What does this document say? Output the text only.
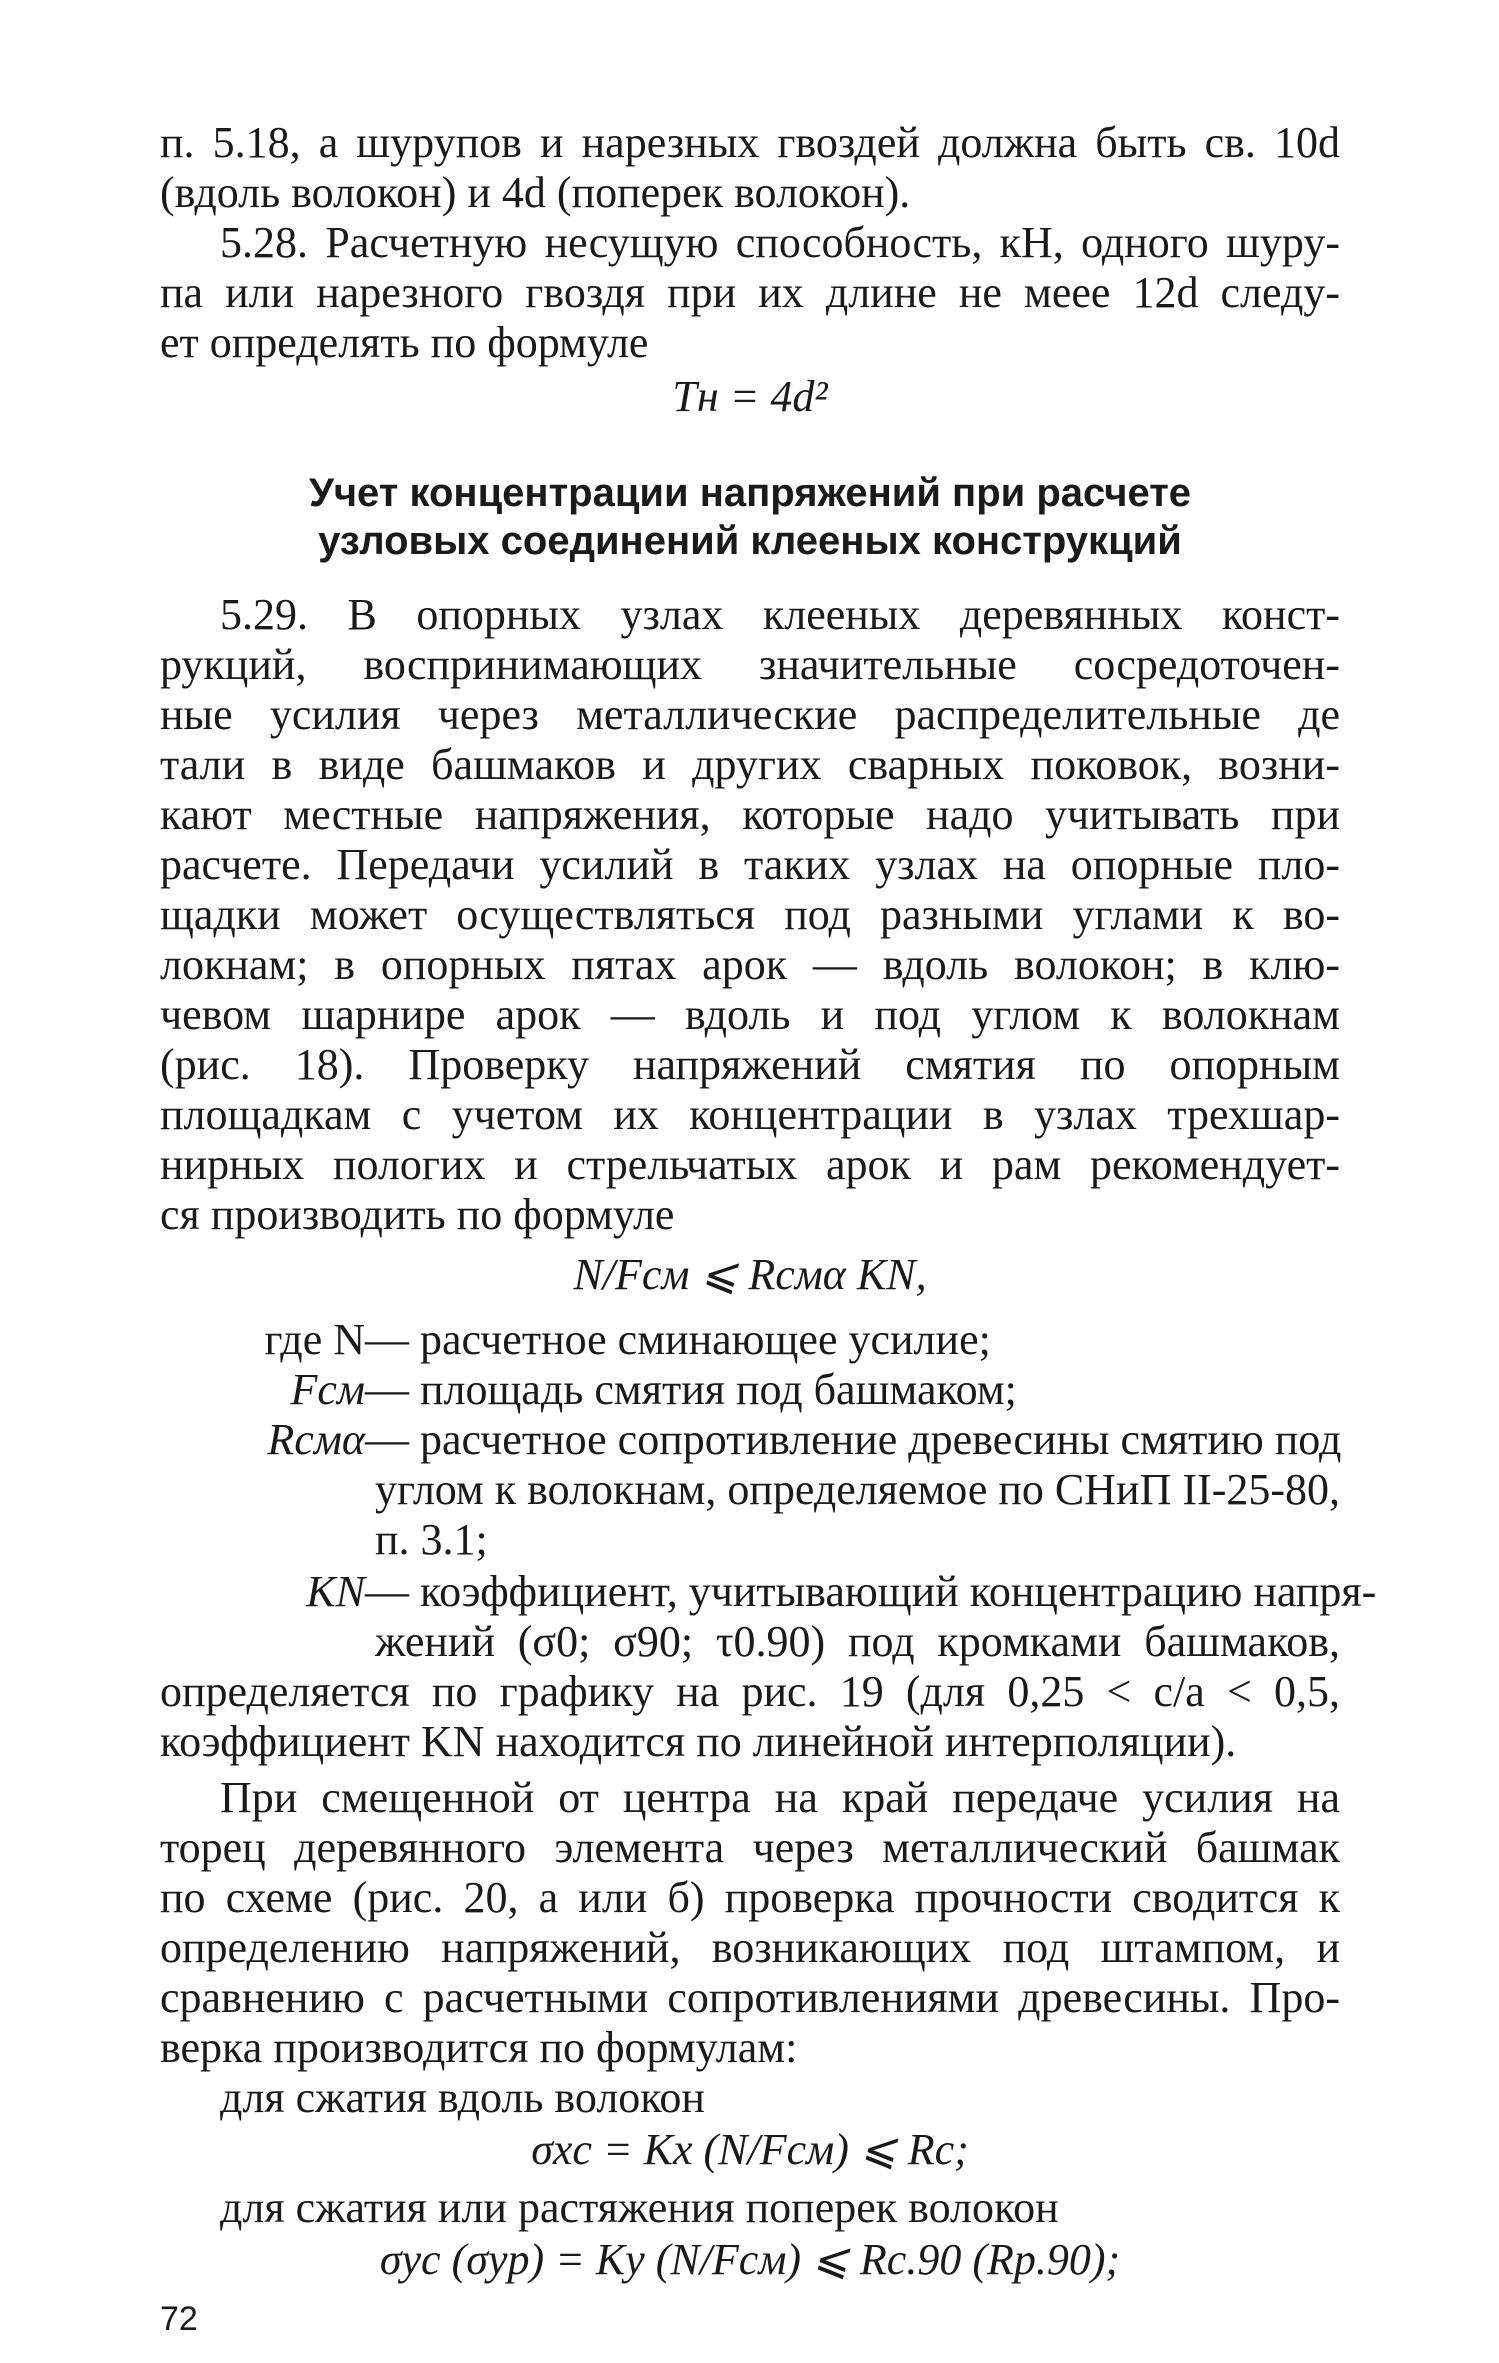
п. 5.18, а шурупов и нарезных гвоздей должна быть св. 10d
(вдоль волокон) и 4d (поперек волокон).
5.28. Расчетную несущую способность, кН, одного шуру-
па или нарезного гвоздя при их длине не меее 12d следу-
ет определять по формуле
Tн = 4d²
Учет концентрации напряжений при расчете
узловых соединений клееных конструкций
5.29. В опорных узлах клееных деревянных конст-
рукций, воспринимающих значительные сосредоточен-
ные усилия через металлические распределительные де
тали в виде башмаков и других сварных поковок, возни-
кают местные напряжения, которые надо учитывать при
расчете. Передачи усилий в таких узлах на опорные пло-
щадки может осуществляться под разными углами к во-
локнам; в опорных пятах арок — вдоль волокон; в клю-
чевом шарнире арок — вдоль и под углом к волокнам
(рис. 18). Проверку напряжений смятия по опорным
площадкам с учетом их концентрации в узлах трехшар-
нирных пологих и стрельчатых арок и рам рекомендует-
ся производить по формуле
N/Fсм ⩽ Rсмα KN,
где N — расчетное сминающее усилие;
Fсм — площадь смятия под башмаком;
Rсмα — расчетное сопротивление древесины смятию под
углом к волокнам, определяемое по СНиП II-25-80,
п. 3.1;
KN — коэффициент, учитывающий концентрацию напря-
жений (σ0; σ90; τ0.90) под кромками башмаков,
определяется по графику на рис. 19 (для 0,25 < c/a < 0,5,
коэффициент KN находится по линейной интерполяции).
При смещенной от центра на край передаче усилия на
торец деревянного элемента через металлический башмак
по схеме (рис. 20, а или б) проверка прочности сводится к
определению напряжений, возникающих под штампом, и
сравнению с расчетными сопротивлениями древесины. Про-
верка производится по формулам:
для сжатия вдоль волокон
σxc = Kx (N/Fсм) ⩽ Rc;
для сжатия или растяжения поперек волокон
σyc (σyp) = Ky (N/Fсм) ⩽ Rc.90 (Rp.90);
72
